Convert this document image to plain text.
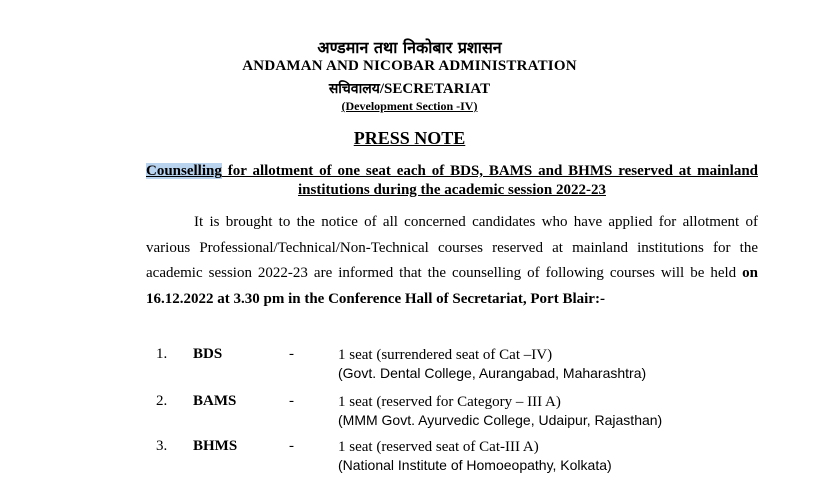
अण्डमान तथा निकोबार प्रशासन
ANDAMAN AND NICOBAR ADMINISTRATION
सचिवालय/SECRETARIAT
(Development Section -IV)
PRESS NOTE
Counselling for allotment of one seat each of BDS, BAMS and BHMS reserved at mainland institutions during the academic session 2022-23
It is brought to the notice of all concerned candidates who have applied for allotment of various Professional/Technical/Non-Technical courses reserved at mainland institutions for the academic session 2022-23 are informed that the counselling of following courses will be held on 16.12.2022 at 3.30 pm in the Conference Hall of Secretariat, Port Blair:-
1.	BDS	-	1 seat (surrendered seat of Cat –IV)
(Govt. Dental College, Aurangabad, Maharashtra)
2.	BAMS	-	1 seat (reserved for Category – III A)
(MMM Govt. Ayurvedic College, Udaipur, Rajasthan)
3.	BHMS	-	1 seat (reserved seat of Cat-III A)
(National Institute of Homoeopathy, Kolkata)
